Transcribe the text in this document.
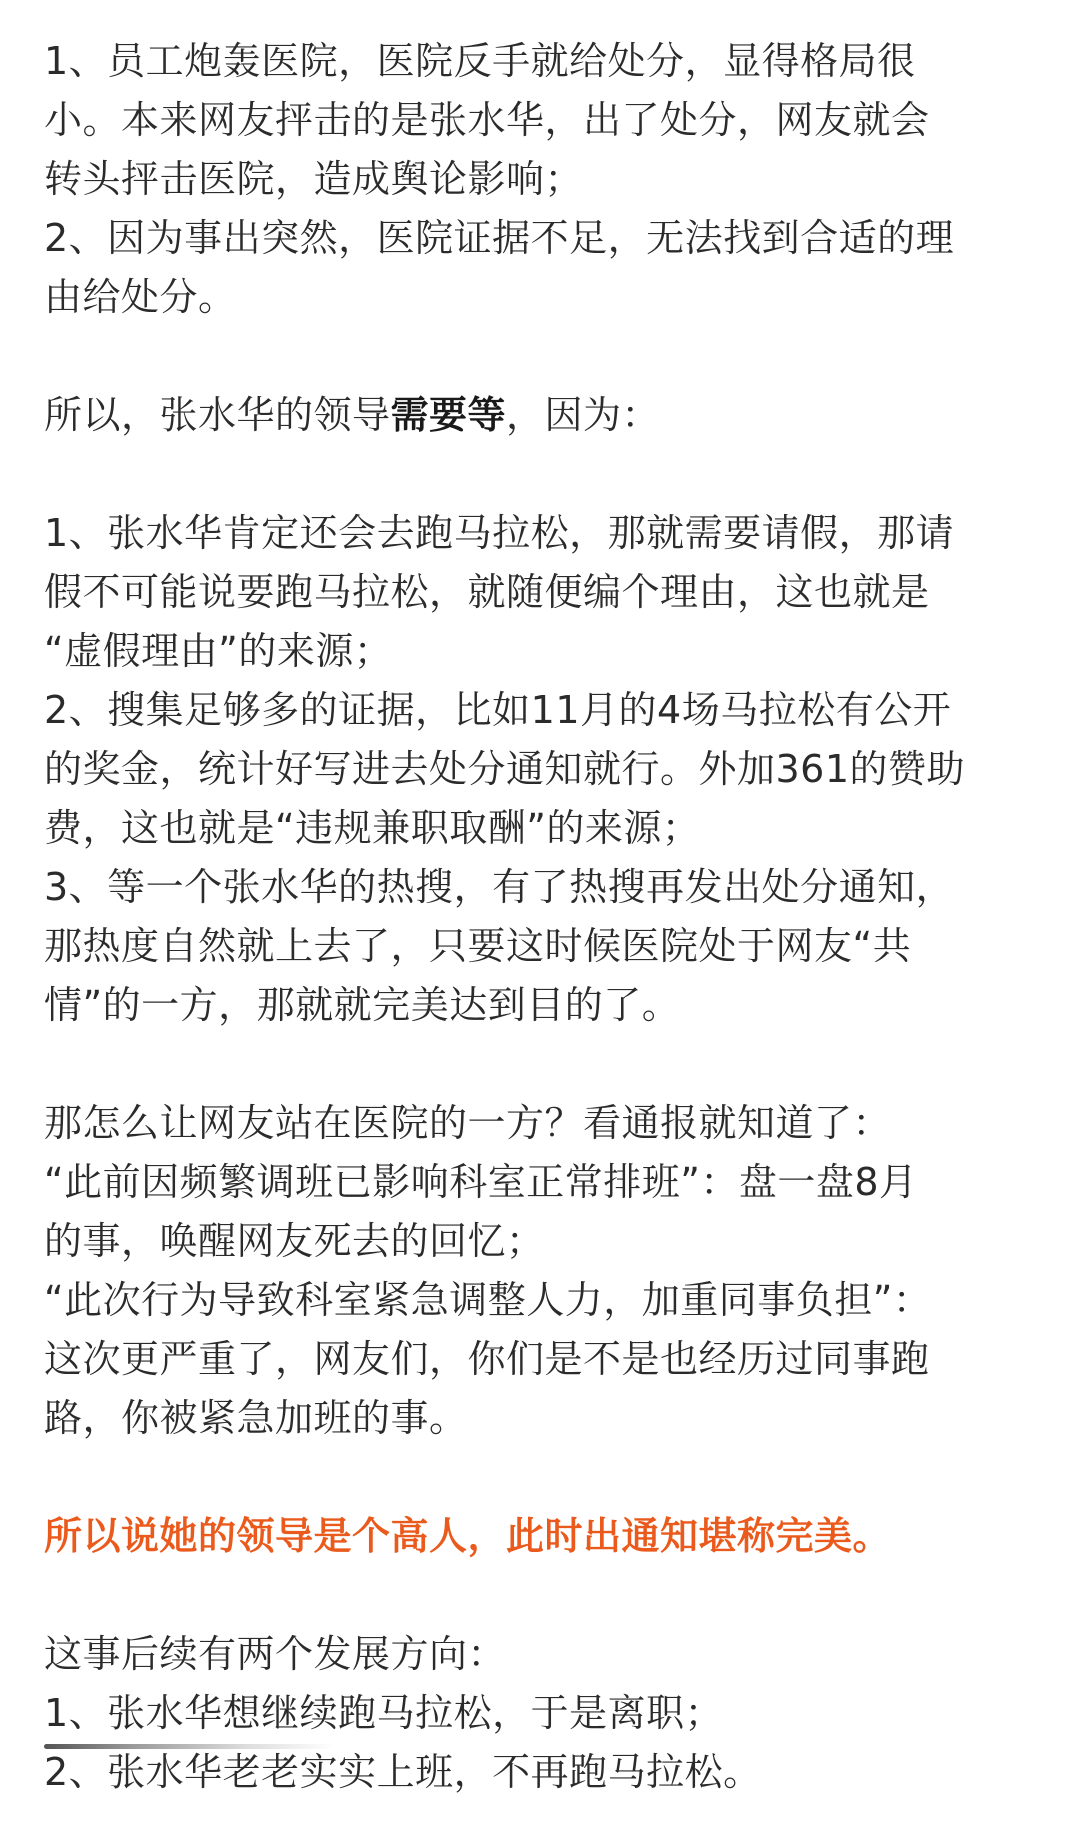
1、员工炮轰医院，医院反手就给处分，显得格局很
小。本来网友抨击的是张水华，出了处分，网友就会
转头抨击医院，造成舆论影响；
2、因为事出突然，医院证据不足，无法找到合适的理
由给处分。
所以，张水华的领导需要等，因为：
1、张水华肯定还会去跑马拉松，那就需要请假，那请
假不可能说要跑马拉松，就随便编个理由，这也就是
“虚假理由”的来源；
2、搜集足够多的证据，比如11月的4场马拉松有公开
的奖金，统计好写进去处分通知就行。外加361的赞助
费，这也就是“违规兼职取酬”的来源；
3、等一个张水华的热搜，有了热搜再发出处分通知，
那热度自然就上去了，只要这时候医院处于网友“共
情”的一方，那就就完美达到目的了。
那怎么让网友站在医院的一方？看通报就知道了：
“此前因频繁调班已影响科室正常排班”：盘一盘8月
的事，唤醒网友死去的回忆；
“此次行为导致科室紧急调整人力，加重同事负担”：
这次更严重了，网友们，你们是不是也经历过同事跑
路，你被紧急加班的事。
所以说她的领导是个高人，此时出通知堪称完美。
这事后续有两个发展方向：
1、张水华想继续跑马拉松，于是离职；
2、张水华老老实实上班，不再跑马拉松。
